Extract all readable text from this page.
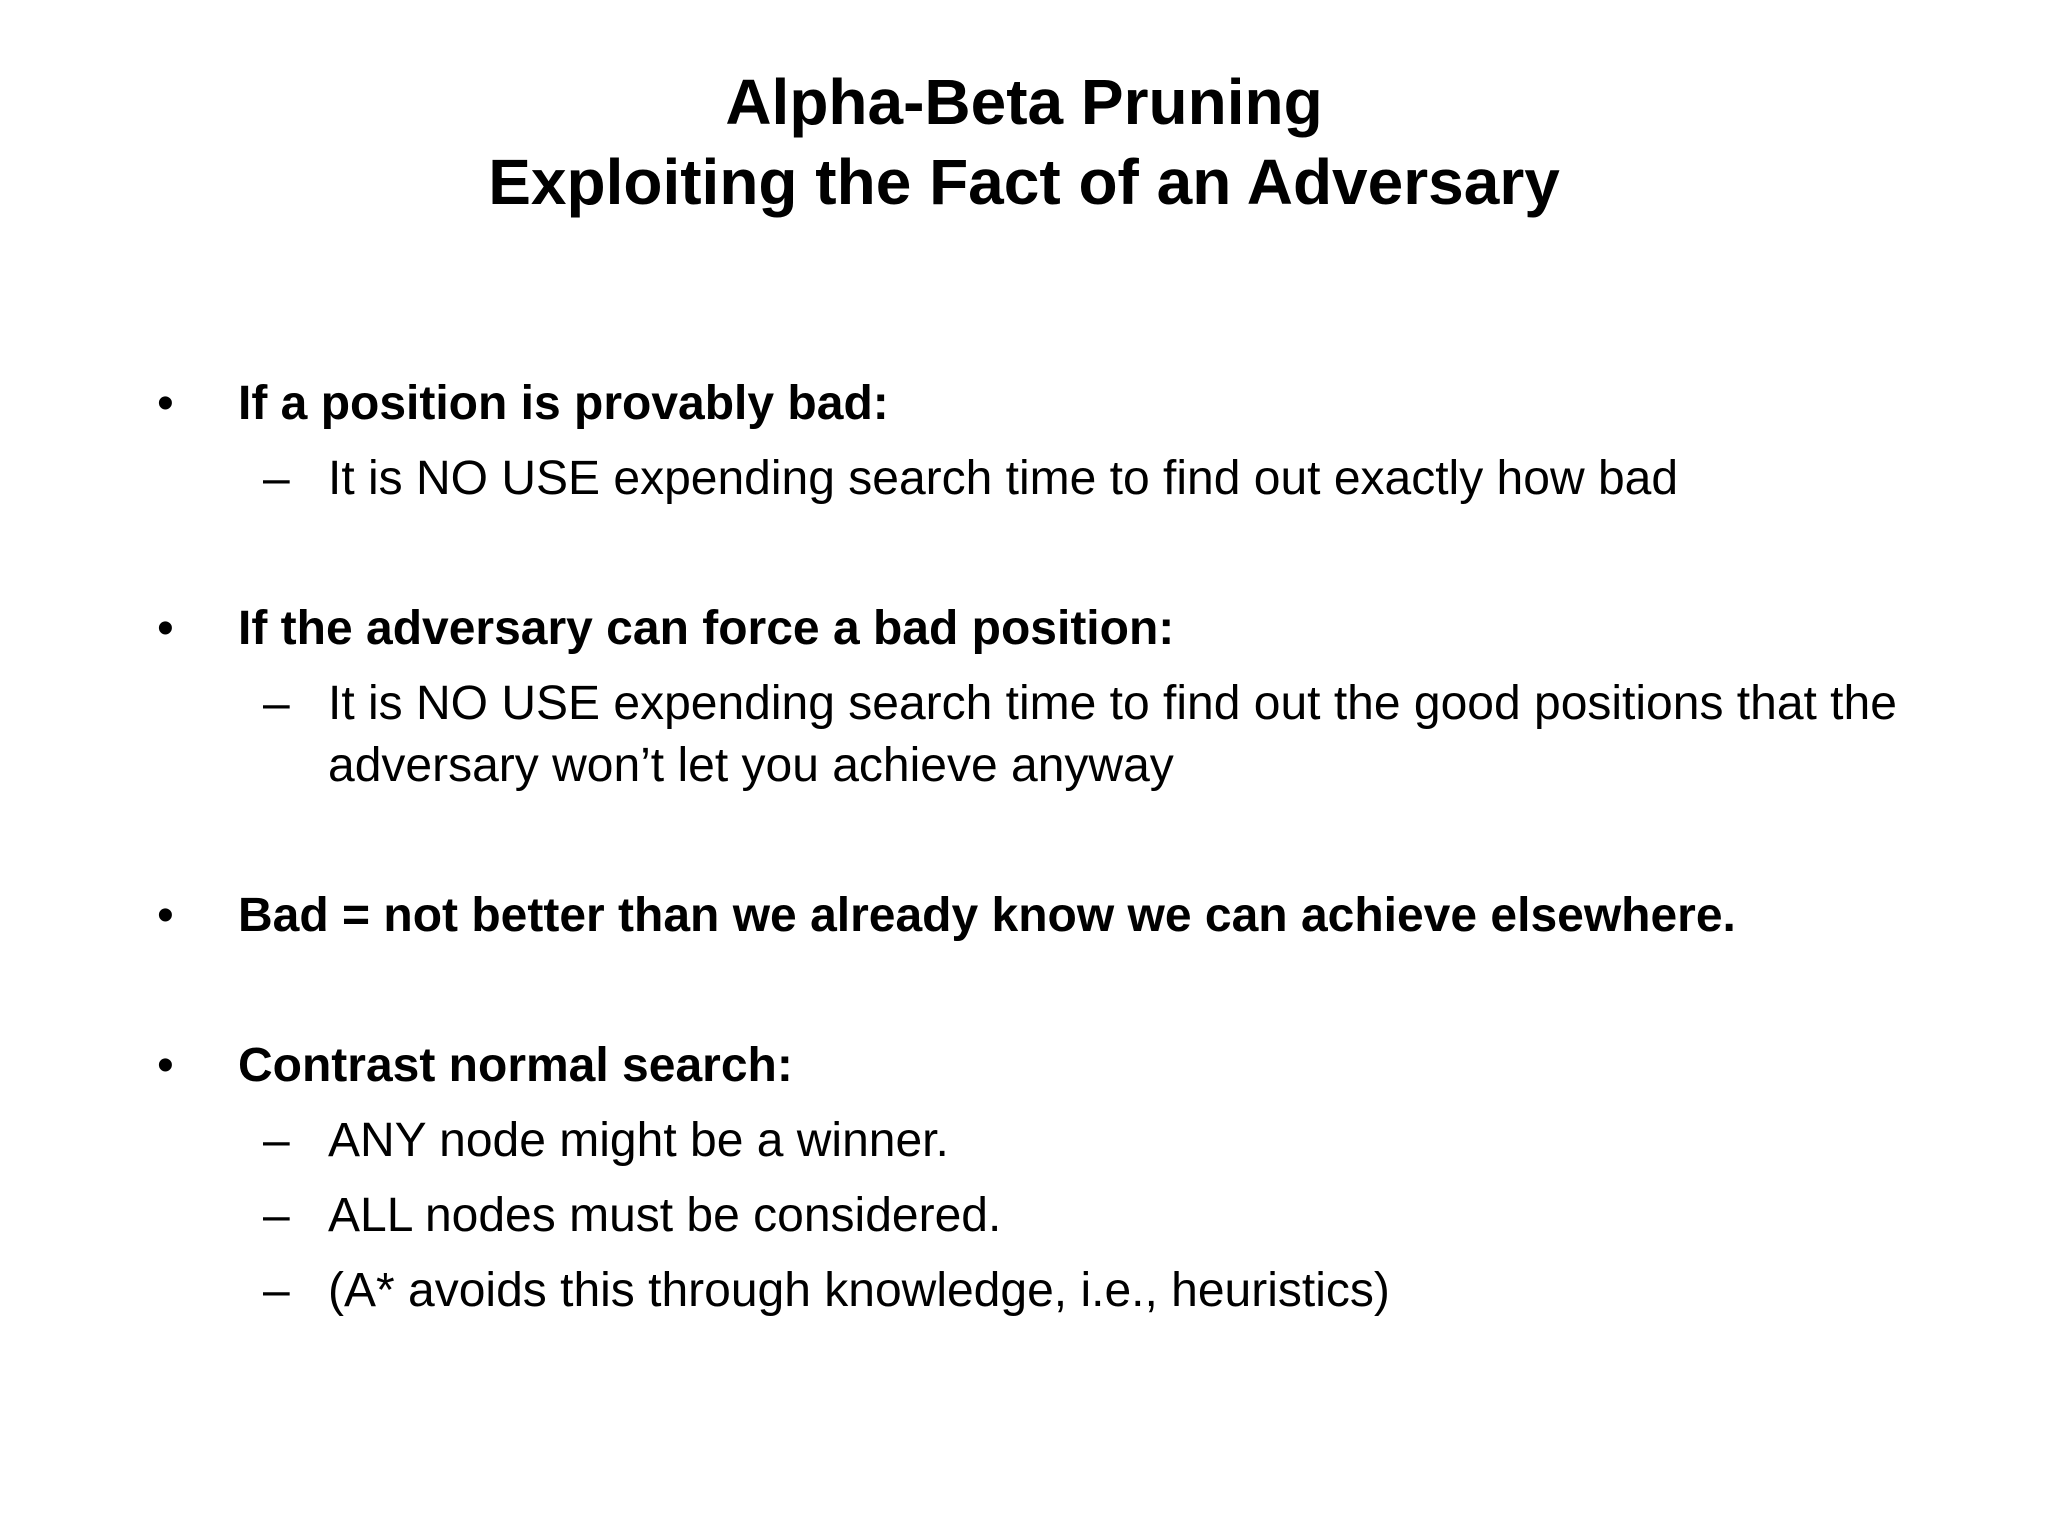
Alpha-Beta Pruning
Exploiting the Fact of an Adversary
• If a position is provably bad:
– It is NO USE expending search time to find out exactly how bad
• If the adversary can force a bad position:
– It is NO USE expending search time to find out the good positions that the adversary won’t let you achieve anyway
• Bad = not better than we already know we can achieve elsewhere.
• Contrast normal search:
– ANY node might be a winner.
– ALL nodes must be considered.
– (A* avoids this through knowledge, i.e., heuristics)
